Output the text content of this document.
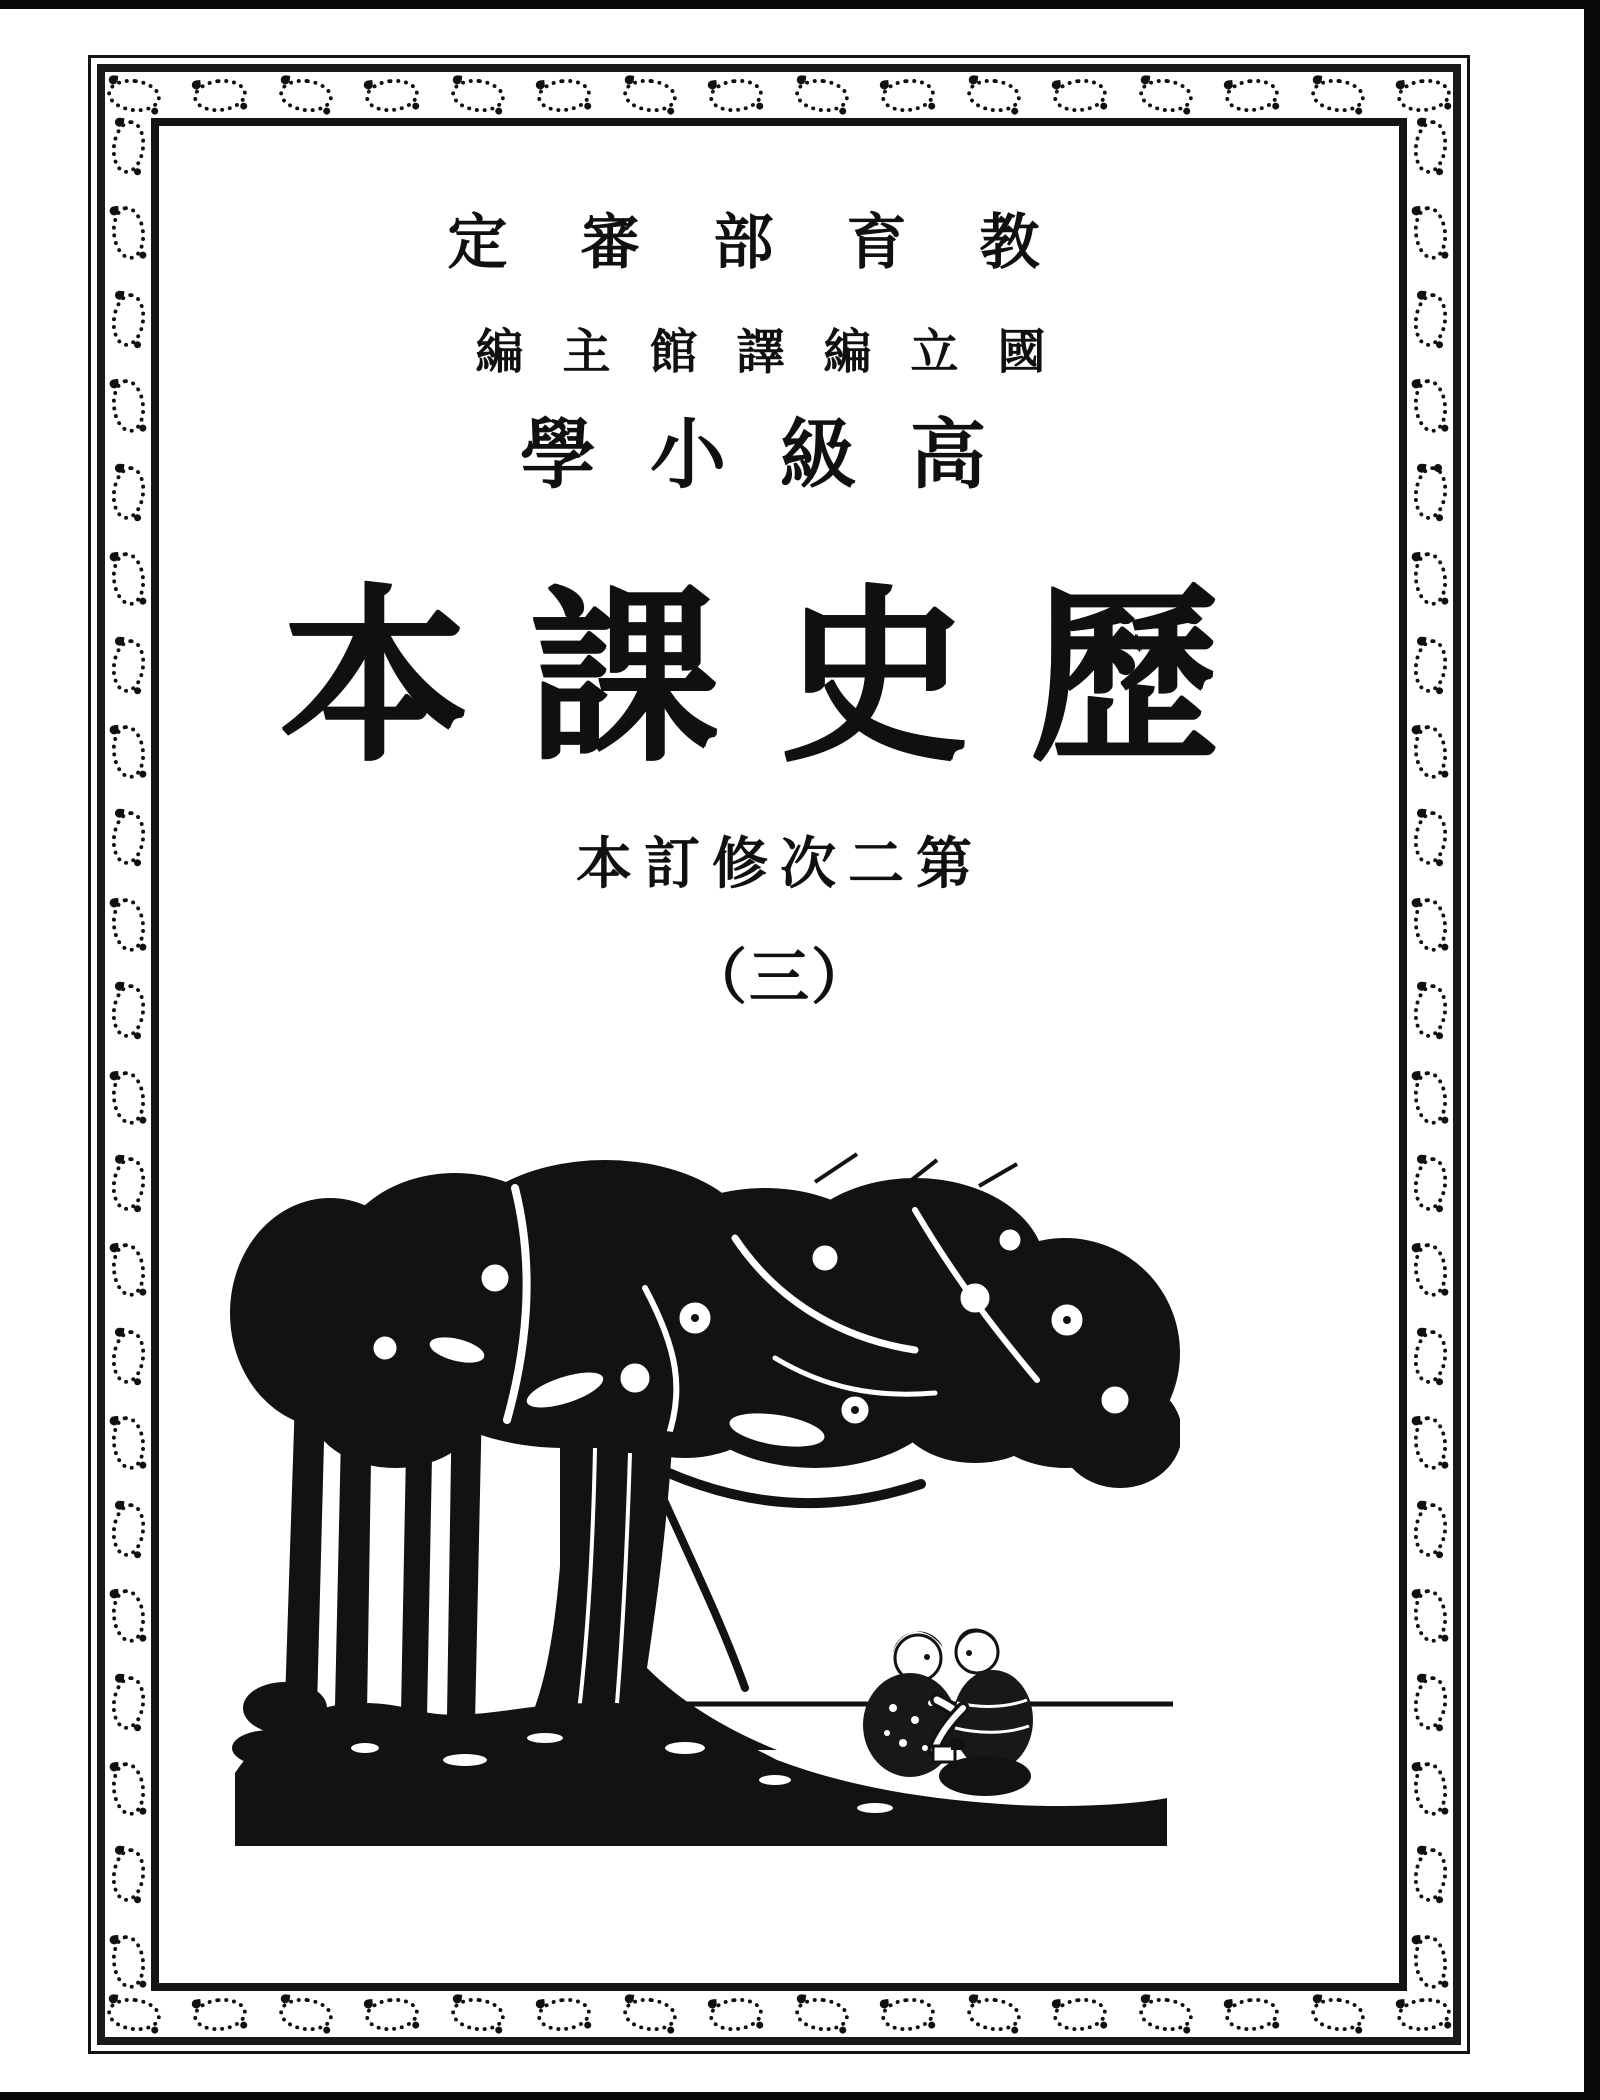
定審部育教
編主館譯編立國
學小級高
本課史歷
本訂修次二第
（三）
